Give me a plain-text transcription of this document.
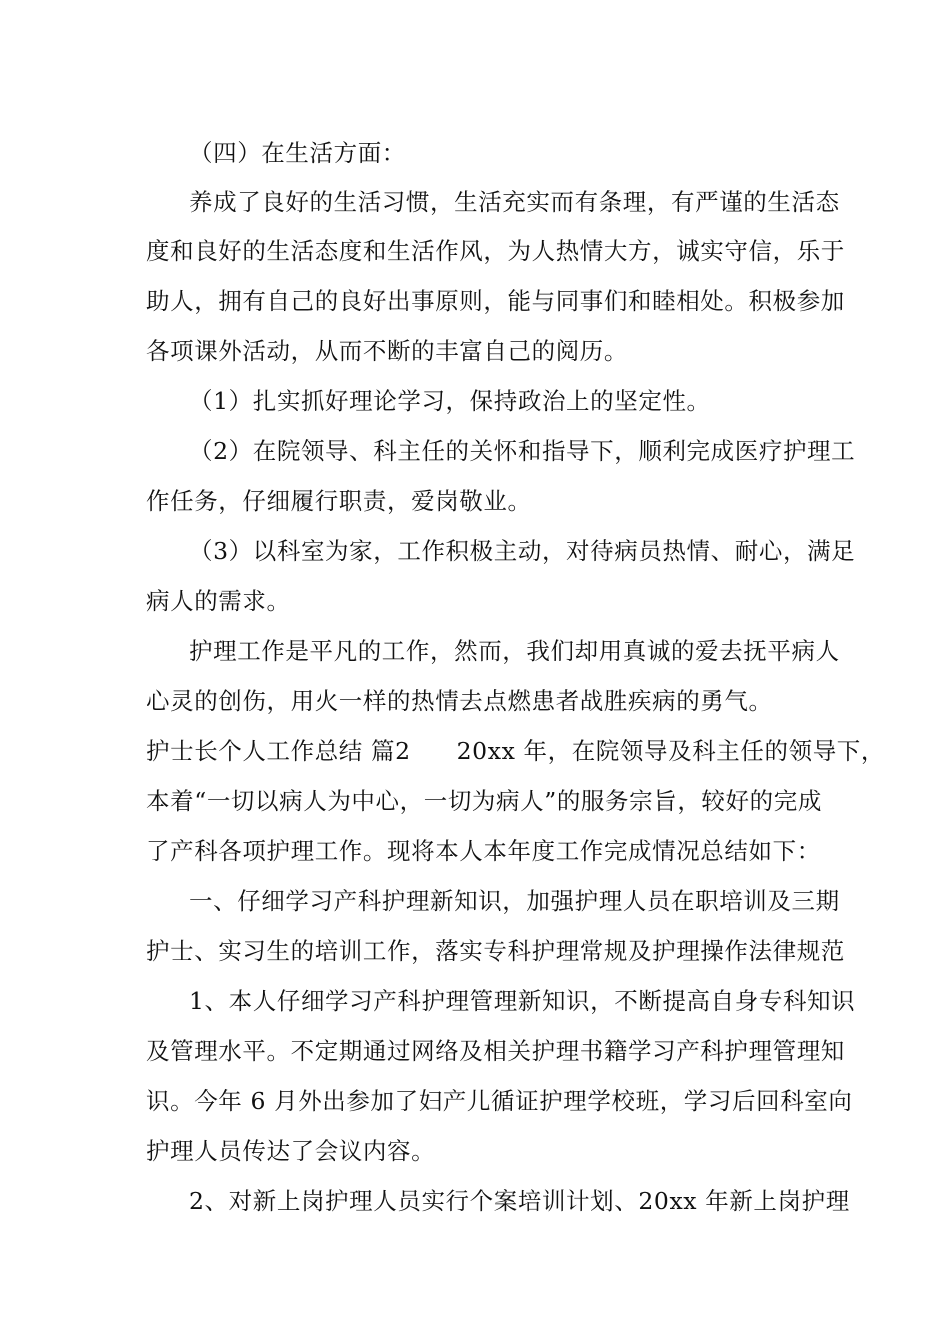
（四）在生活方面：
养成了良好的生活习惯，生活充实而有条理，有严谨的生活态
度和良好的生活态度和生活作风，为人热情大方，诚实守信，乐于
助人，拥有自己的良好出事原则，能与同事们和睦相处。积极参加
各项课外活动，从而不断的丰富自己的阅历。
（1）扎实抓好理论学习，保持政治上的坚定性。
（2）在院领导、科主任的关怀和指导下，顺利完成医疗护理工
作任务，仔细履行职责，爱岗敬业。
（3）以科室为家，工作积极主动，对待病员热情、耐心，满足
病人的需求。
护理工作是平凡的工作，然而，我们却用真诚的爱去抚平病人
心灵的创伤，用火一样的热情去点燃患者战胜疾病的勇气。
护士长个人工作总结 篇2 20xx 年，在院领导及科主任的领导下，
本着“一切以病人为中心，一切为病人”的服务宗旨，较好的完成
了产科各项护理工作。现将本人本年度工作完成情况总结如下：
一、仔细学习产科护理新知识，加强护理人员在职培训及三期
护士、实习生的培训工作，落实专科护理常规及护理操作法律规范
1、本人仔细学习产科护理管理新知识，不断提高自身专科知识
及管理水平。不定期通过网络及相关护理书籍学习产科护理管理知
识。今年 6 月外出参加了妇产儿循证护理学校班，学习后回科室向
护理人员传达了会议内容。
2、对新上岗护理人员实行个案培训计划、20xx 年新上岗护理
